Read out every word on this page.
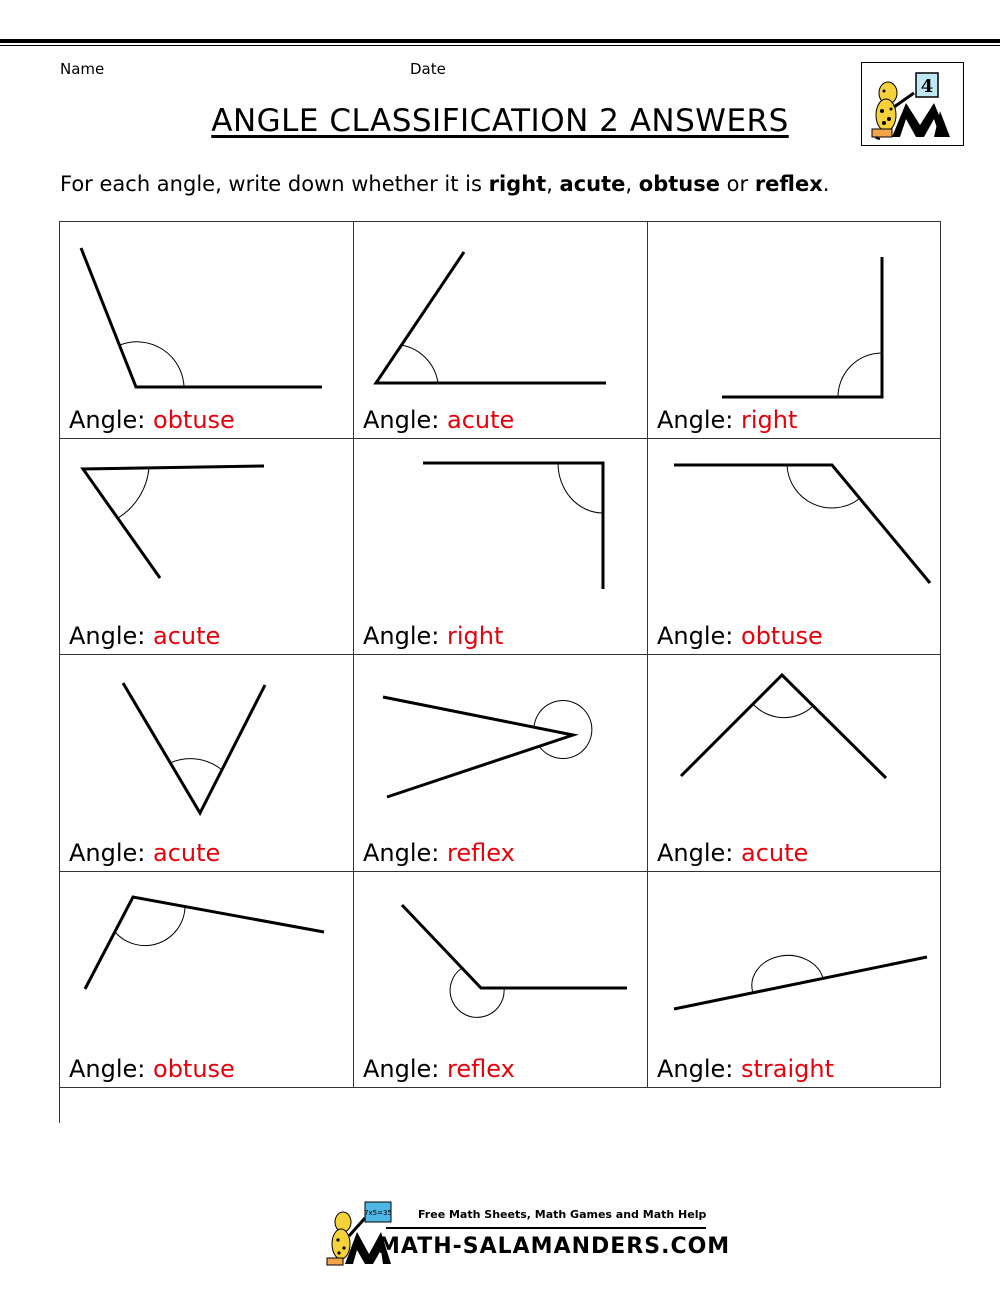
Name	Date
4
ANGLE CLASSIFICATION 2 ANSWERS
For each angle, write down whether it is right, acute, obtuse or reflex.
Angle: obtuse	Angle: acute	Angle: right
Angle: acute	Angle: right	Angle: obtuse
Angle: acute	Angle: reflex	Angle: acute
Angle: obtuse	Angle: reflex	Angle: straight
7x5=35 Free Math Sheets, Math Games and Math Help
MATH-SALAMANDERS.COM
